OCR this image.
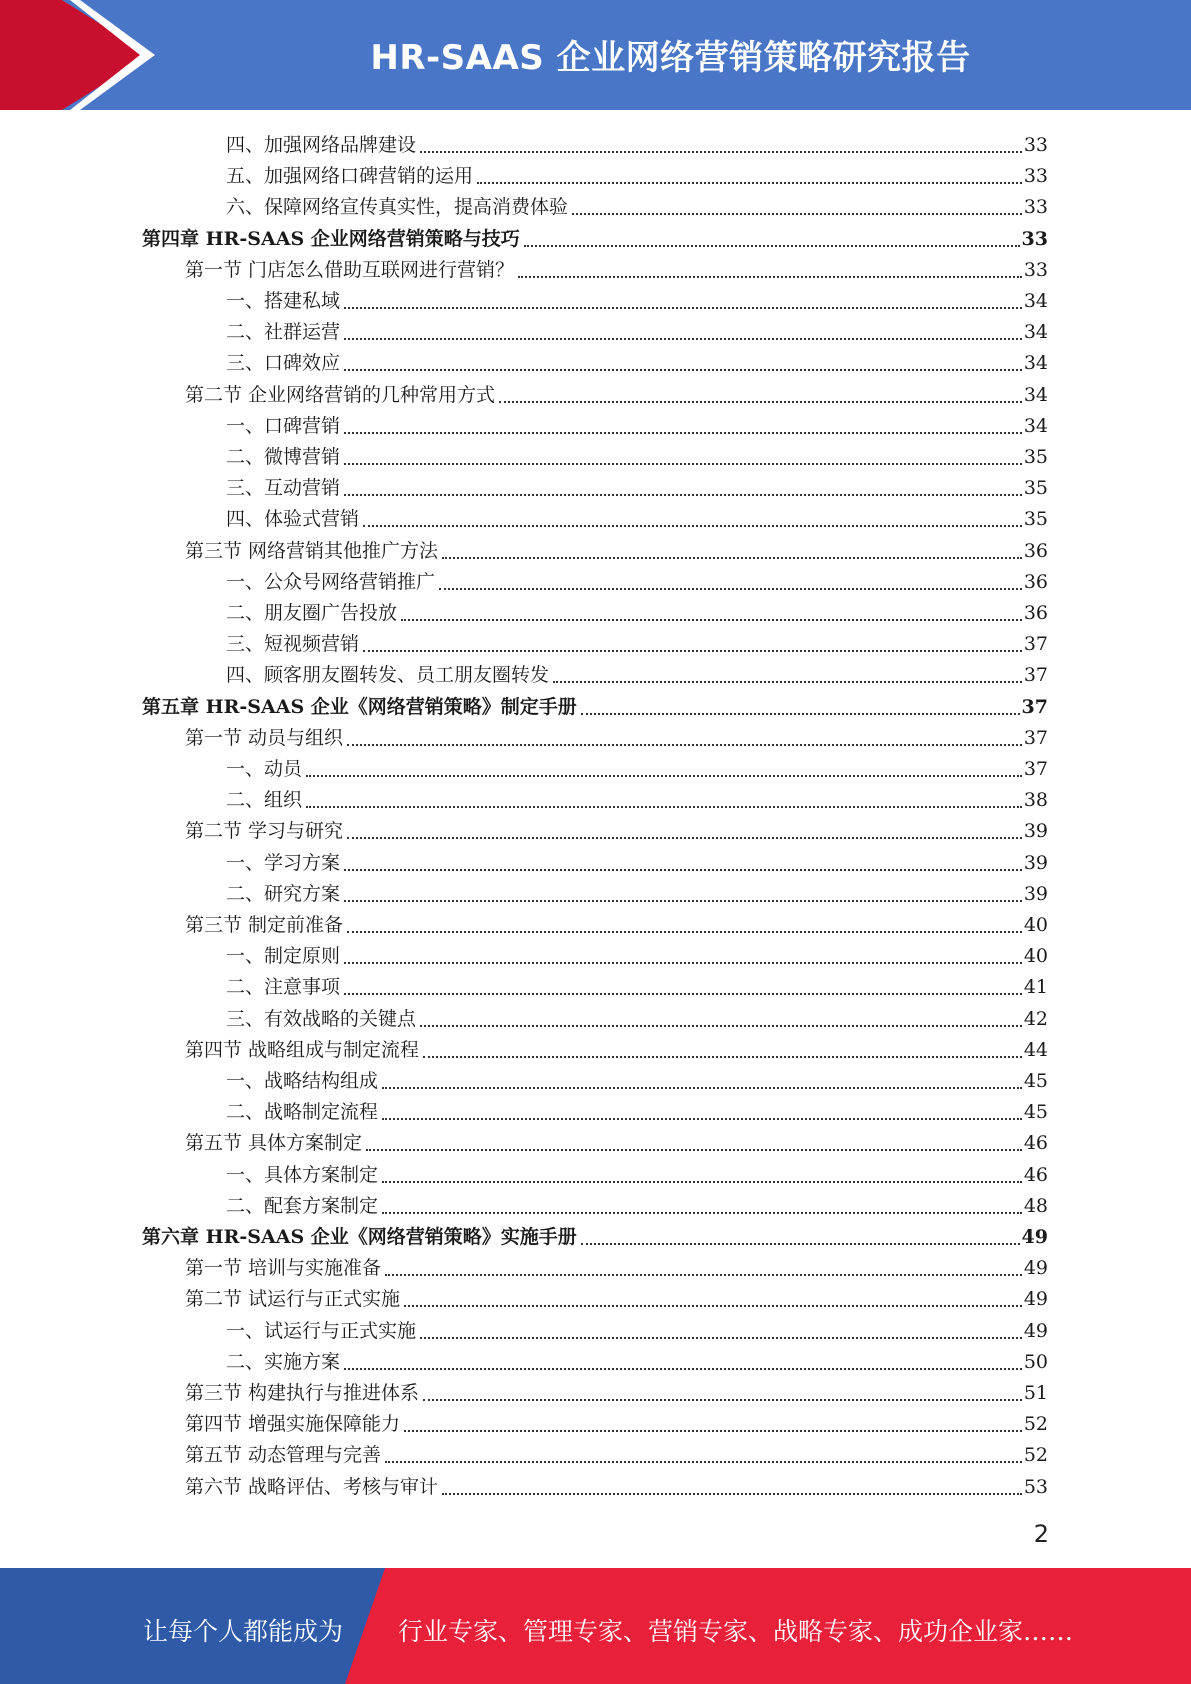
HR-SAAS 企业网络营销策略研究报告
四、加强网络品牌建设	33
五、加强网络口碑营销的运用	33
六、保障网络宣传真实性，提高消费体验	33
第四章 HR-SAAS 企业网络营销策略与技巧	33
第一节 门店怎么借助互联网进行营销？	33
一、搭建私域	34
二、社群运营	34
三、口碑效应	34
第二节 企业网络营销的几种常用方式	34
一、口碑营销	34
二、微博营销	35
三、互动营销	35
四、体验式营销	35
第三节 网络营销其他推广方法	36
一、公众号网络营销推广	36
二、朋友圈广告投放	36
三、短视频营销	37
四、顾客朋友圈转发、员工朋友圈转发	37
第五章 HR-SAAS 企业《网络营销策略》制定手册	37
第一节 动员与组织	37
一、动员	37
二、组织	38
第二节 学习与研究	39
一、学习方案	39
二、研究方案	39
第三节 制定前准备	40
一、制定原则	40
二、注意事项	41
三、有效战略的关键点	42
第四节 战略组成与制定流程	44
一、战略结构组成	45
二、战略制定流程	45
第五节 具体方案制定	46
一、具体方案制定	46
二、配套方案制定	48
第六章 HR-SAAS 企业《网络营销策略》实施手册	49
第一节 培训与实施准备	49
第二节 试运行与正式实施	49
一、试运行与正式实施	49
二、实施方案	50
第三节 构建执行与推进体系	51
第四节 增强实施保障能力	52
第五节 动态管理与完善	52
第六节 战略评估、考核与审计	53
2
让每个人都能成为 行业专家、管理专家、营销专家、战略专家、成功企业家……
